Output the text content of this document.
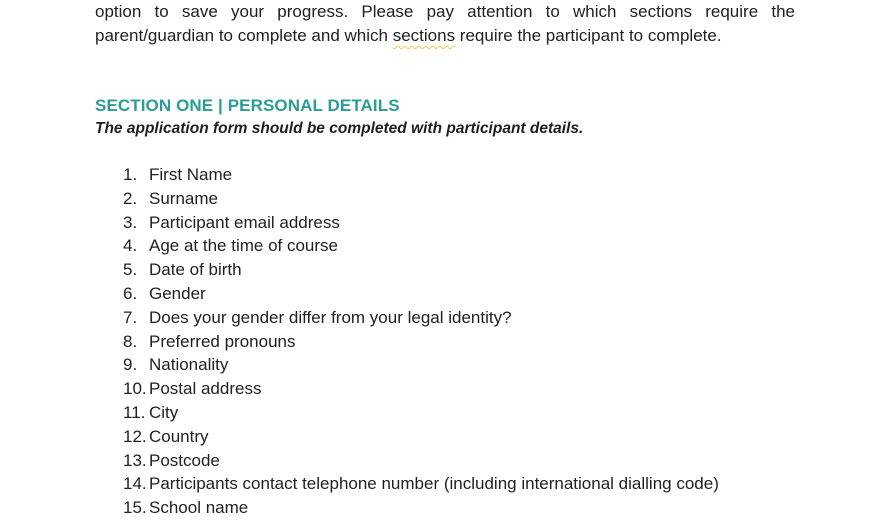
option to save your progress. Please pay attention to which sections require the
parent/guardian to complete and which sections require the participant to complete.

SECTION ONE | PERSONAL DETAILS

The application form should be completed with participant details.

1. First Name
2. Surname
3. Participant email address
4. Age at the time of course
5. Date of birth
6. Gender
7. Does your gender differ from your legal identity?
8. Preferred pronouns
9. Nationality
10. Postal address
11. City
12. Country
13. Postcode
14. Participants contact telephone number (including international dialling code)
15. School name
